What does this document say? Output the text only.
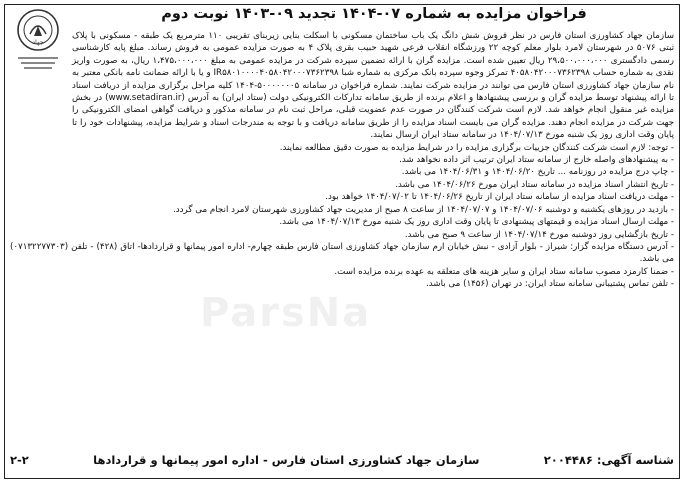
فراخوان مزایده به شماره ۰۷-۱۴۰۴ تجدید ۰۹-۱۴۰۳ نوبت دوم
جهاد

سازمان جهاد کشاورزی استان فارس در نظر فروش شش دانگ یک باب ساختمان مسکونی با اسکلت بنایی زیربنای تقریبی ۱۱۰ مترمربع یک طبقه - مسکونی با پلاک ثبتی ۵۰۷۶ در شهرستان لامرد بلوار معلم کوچه ۲۲ ورزشگاه انقلاب فرعی شهید حبیب بقری پلاک ۴ به صورت مزایده عمومی به فروش رساند. مبلغ پایه کارشناسی رسمی دادگستری ۲۹،۵۰۰،۰۰۰،۰۰۰ ریال تعیین شده است. مزایده گران با ارائه تضمین سپرده شرکت در مزایده عمومی به مبلغ ۱،۴۷۵،۰۰۰،۰۰۰ ریال، به صورت واریز نقدی به شماره حساب ۴۰۵۸۰۴۲۰۰۰۷۳۶۲۳۹۸ تمرکز وجوه سپرده بانک مرکزی به شماره شبا IR۵۸۰۱۰۰۰۰۴۰۵۸۰۴۲۰۰۰۷۳۶۲۳۹۸ و یا با ارائه ضمانت نامه بانکی معتبر به نام سازمان جهاد کشاورزی استان فارس می توانند در مزایده شرکت نمایند. شماره فراخوان در سامانه ۵۰۰۰۰۰۰۰۵-۱۴۰۴ کلیه مراحل برگزاری مزایده از دریافت اسناد تا ارائه پیشنهاد توسط مزایده گران و بررسی پیشنهادها و اعلام برنده از طریق سامانه تدارکات الکترونیکی دولت (ستاد ایران) به آدرس (www.setadiran.ir) در بخش مزایده غیر منقول انجام خواهد شد. لازم است شرکت کنندگان در صورت عدم عضویت قبلی، مراحل ثبت نام در سامانه مذکور و دریافت گواهی امضای الکترونیکی را جهت شرکت در مزایده انجام دهند. مزایده گران می بایست اسناد مزایده را از طریق سامانه دریافت و با توجه به مندرجات اسناد و شرایط مزایده، پیشنهادات خود را تا پایان وقت اداری روز یک شنبه مورخ ۱۴۰۴/۰۷/۱۳ در سامانه ستاد ایران ارسال نمایند.

- توجه: لازم است شرکت کنندگان جزییات برگزاری مزایده را در شرایط مزایده به صورت دقیق مطالعه نمایند.

- به پیشنهادهای واصله خارج از سامانه ستاد ایران ترتیب اثر داده نخواهد شد.

- چاپ درج مزایده در روزنامه ... تاریخ ۱۴۰۴/۰۶/۲۰ و ۱۴۰۴/۰۶/۳۱ می باشد.

- تاریخ انتشار اسناد مزایده در سامانه ستاد ایران مورخ ۱۴۰۴/۰۶/۲۶ می باشد.

- مهلت دریافت اسناد مزایده از سامانه ستاد ایران از تاریخ ۱۴۰۴/۰۶/۲۶ تا ۱۴۰۴/۰۷/۰۲ خواهد بود.

- بازدید در روزهای یکشنبه و دوشنبه ۱۴۰۴/۰۷/۰۶ و ۱۴۰۴/۰۷/۰۷ از ساعت ۸ صبح از مدیریت جهاد کشاورزی شهرستان لامرد انجام می گردد.

- مهلت ارسال اسناد مزایده و قیمتهای پیشنهادی تا پایان وقت اداری روز یک شنبه مورخ ۱۴۰۴/۰۷/۱۳ می باشد.

- تاریخ بازگشایی روز دوشنبه مورخ ۱۴۰۴/۰۷/۱۴ از ساعت ۹ صبح می باشد.

- آدرس دستگاه مزایده گزار: شیراز - بلوار آزادی - نبش خیابان ارم سازمان جهاد کشاورزی استان فارس طبقه چهارم- اداره امور پیمانها و قراردادها- اتاق (۴۲۸) - تلفن (۰۷۱۳۲۲۷۷۳۰۳) می باشد.

- ضمنا کارمزد مصوب سامانه ستاد ایران و سایر هزینه های متعلقه به عهده برنده مزایده است.

- تلفن تماس پشتیبانی سامانه ستاد ایران: در تهران (۱۴۵۶) می باشد.

ParsNa
شناسه آگهی: ۲۰۰۴۴۸۶
سازمان جهاد کشاورزی استان فارس - اداره امور پیمانها و قراردادها
۲-۲
